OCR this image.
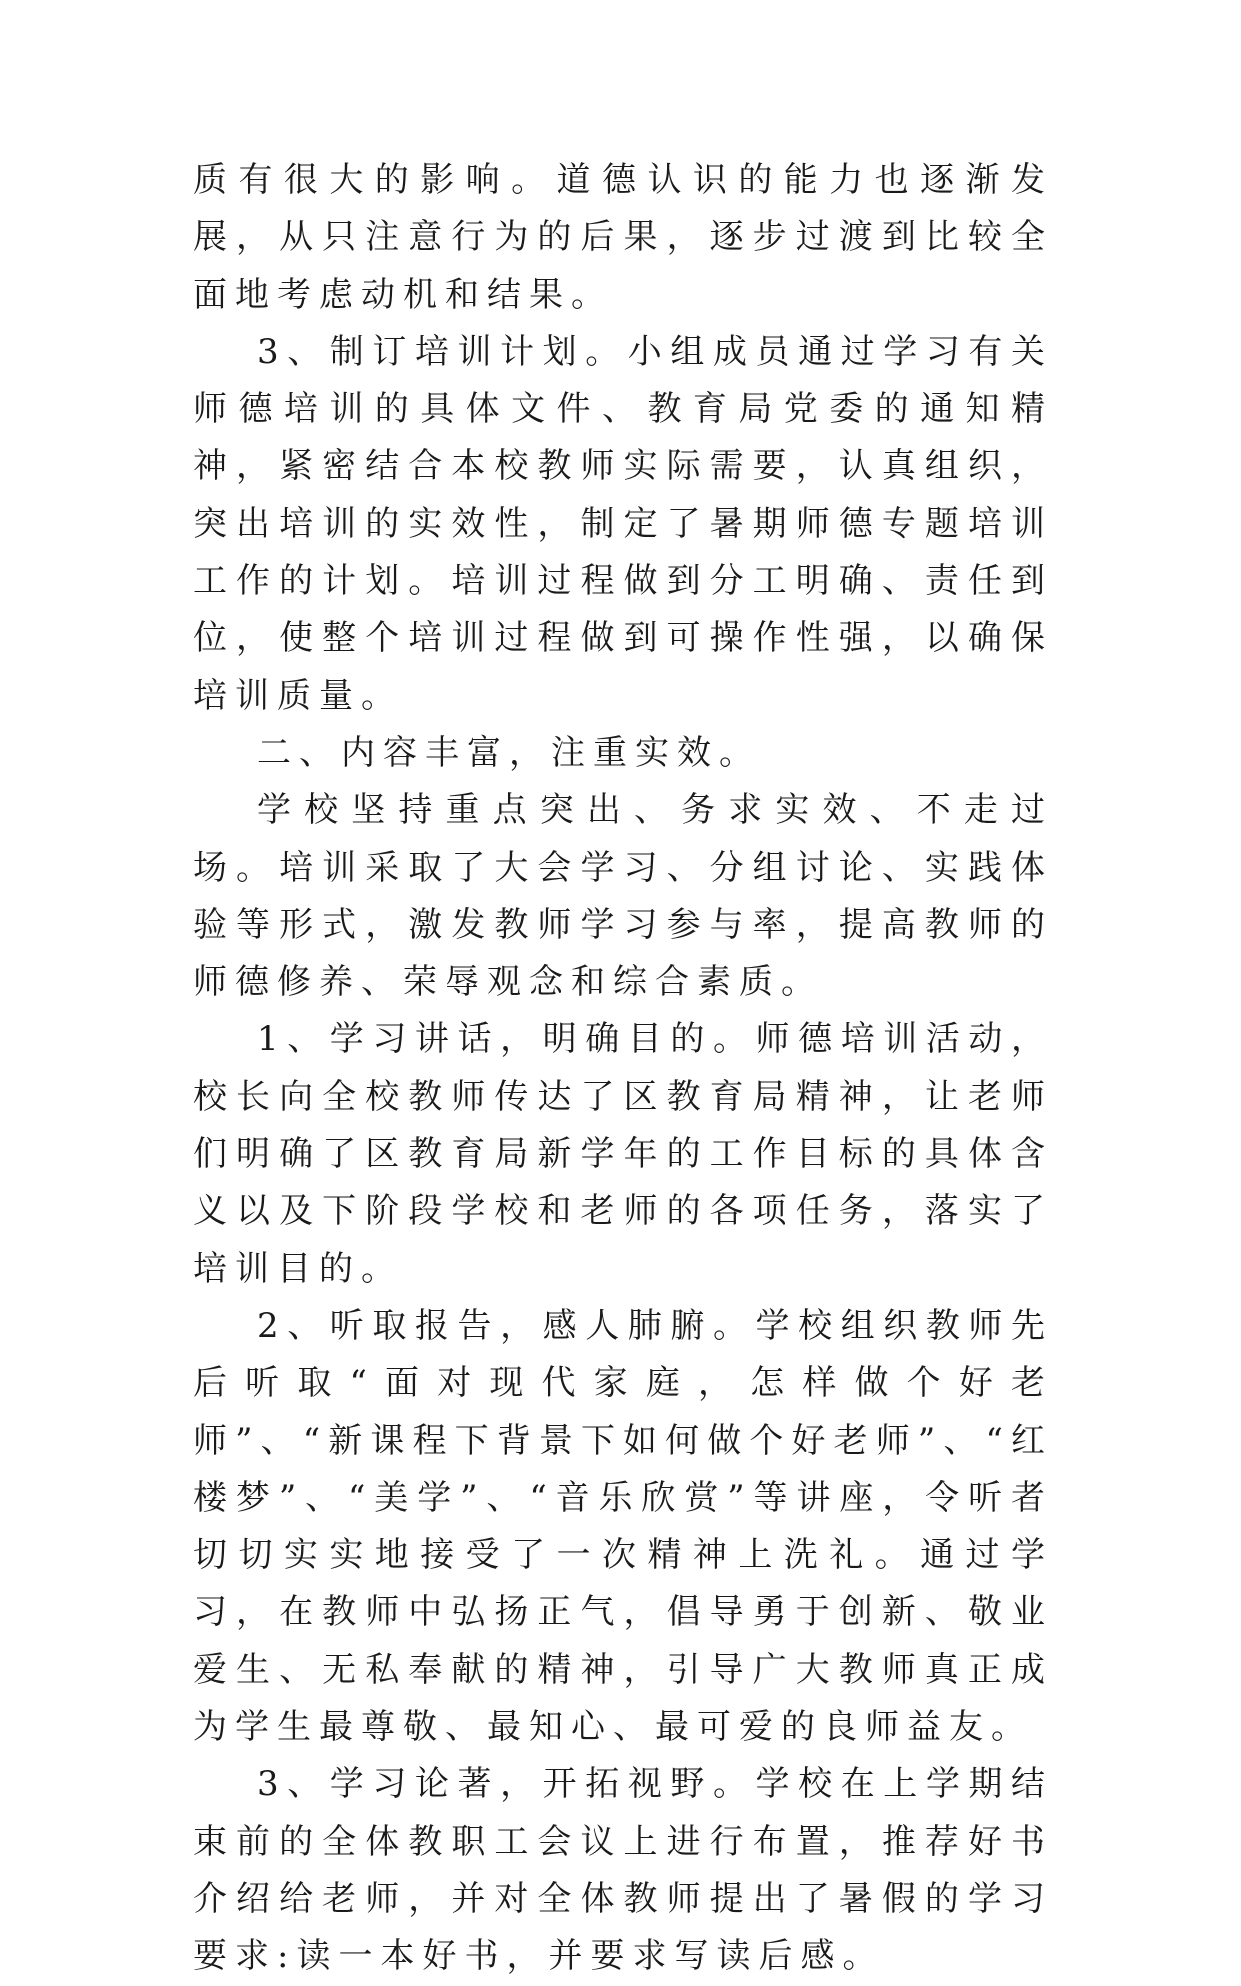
质有很大的影响。道德认识的能力也逐渐发展，从只注意行为的后果，逐步过渡到比较全面地考虑动机和结果。

3、制订培训计划。小组成员通过学习有关师德培训的具体文件、教育局党委的通知精神，紧密结合本校教师实际需要，认真组织，突出培训的实效性，制定了暑期师德专题培训工作的计划。培训过程做到分工明确、责任到位，使整个培训过程做到可操作性强，以确保培训质量。

二、内容丰富，注重实效。

学校坚持重点突出、务求实效、不走过场。培训采取了大会学习、分组讨论、实践体验等形式，激发教师学习参与率，提高教师的师德修养、荣辱观念和综合素质。

1、学习讲话，明确目的。师德培训活动，校长向全校教师传达了区教育局精神，让老师们明确了区教育局新学年的工作目标的具体含义以及下阶段学校和老师的各项任务，落实了培训目的。

2、听取报告，感人肺腑。学校组织教师先后听取“面对现代家庭，怎样做个好老师”、“新课程下背景下如何做个好老师”、“红楼梦”、“美学”、“音乐欣赏”等讲座，令听者切切实实地接受了一次精神上洗礼。通过学习，在教师中弘扬正气，倡导勇于创新、敬业爱生、无私奉献的精神，引导广大教师真正成为学生最尊敬、最知心、最可爱的良师益友。

3、学习论著，开拓视野。学校在上学期结束前的全体教职工会议上进行布置，推荐好书介绍给老师，并对全体教师提出了暑假的学习要求:读一本好书，并要求写读后感。
